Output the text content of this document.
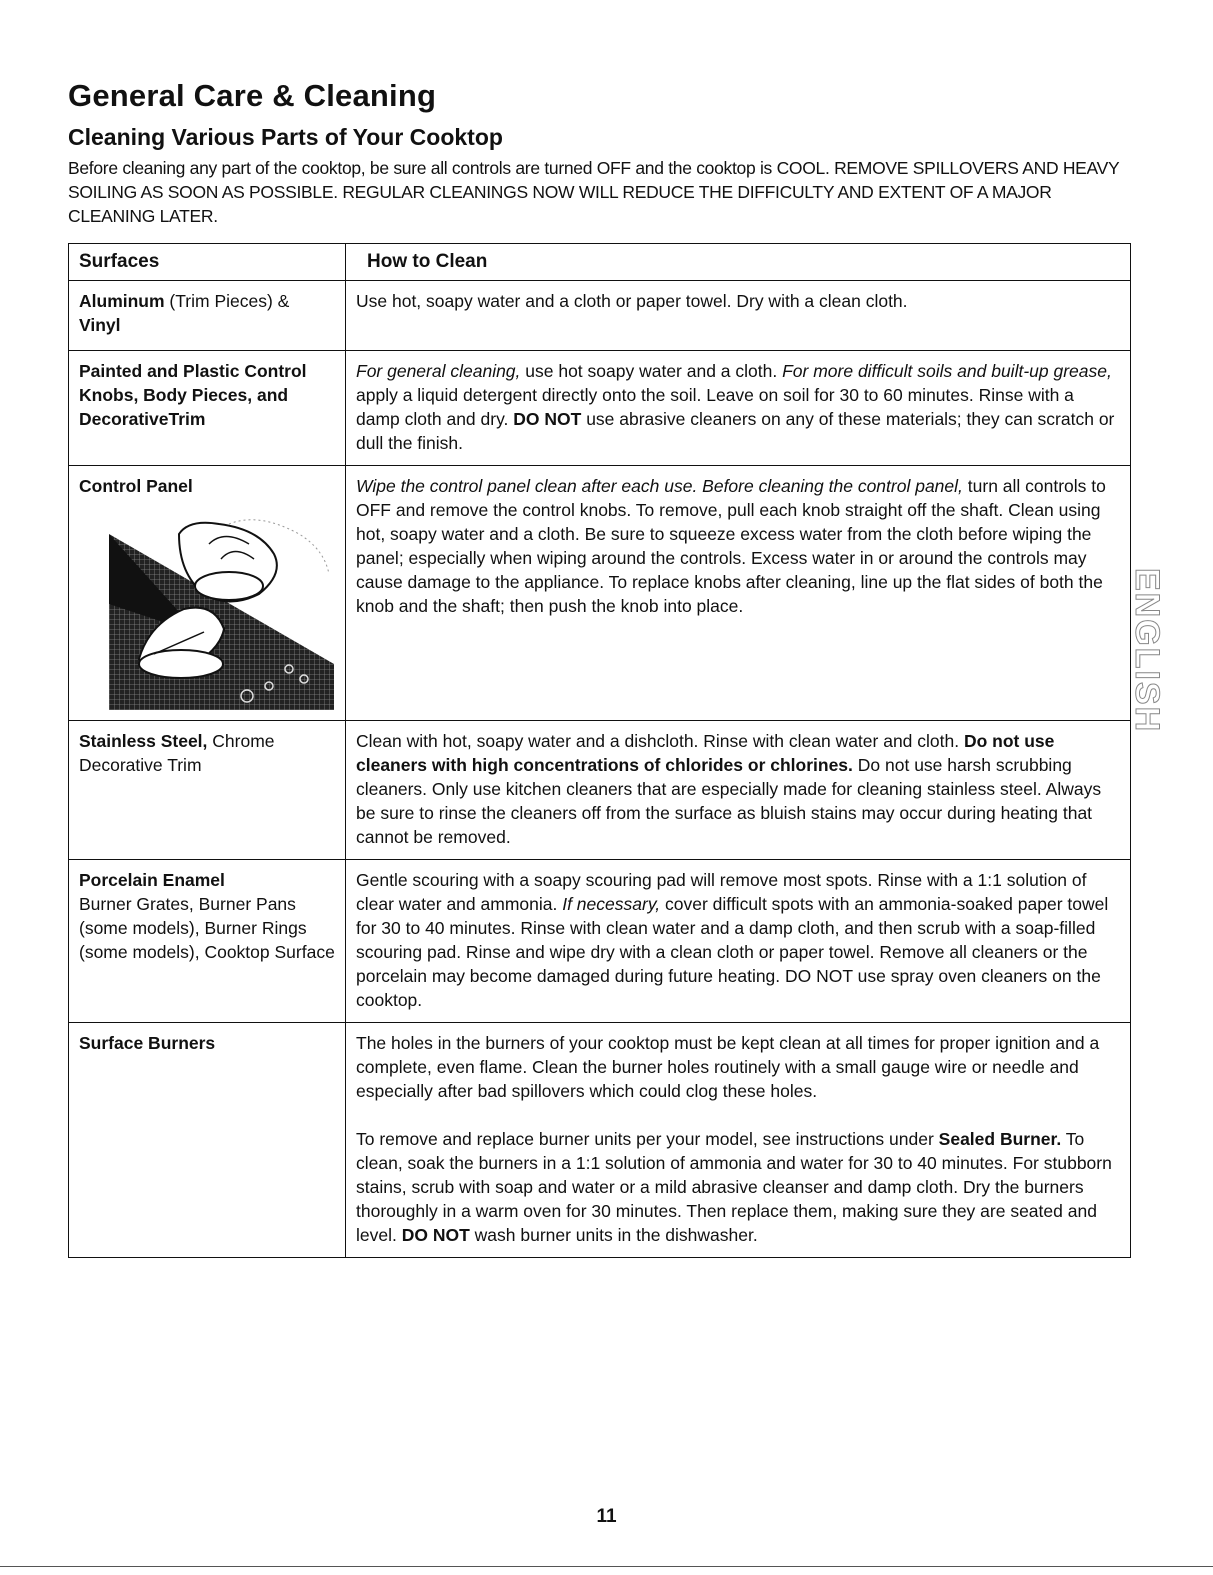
General Care & Cleaning
Cleaning Various Parts of Your Cooktop

Before cleaning any part of the cooktop, be sure all controls are turned OFF and the cooktop is COOL. REMOVE SPILLOVERS AND HEAVY SOILING AS SOON AS POSSIBLE. REGULAR CLEANINGS NOW WILL REDUCE THE DIFFICULTY AND EXTENT OF A MAJOR CLEANING LATER.

Surfaces	How to Clean
Aluminum (Trim Pieces) &
Vinyl	Use hot, soapy water and a cloth or paper towel. Dry with a clean cloth.
Painted and Plastic Control Knobs, Body Pieces, and DecorativeTrim	For general cleaning, use hot soapy water and a cloth. For more difficult soils and built-up grease, apply a liquid detergent directly onto the soil. Leave on soil for 30 to 60 minutes. Rinse with a damp cloth and dry. DO NOT use abrasive cleaners on any of these materials; they can scratch or dull the finish.
Control Panel	Wipe the control panel clean after each use. Before cleaning the control panel, turn all controls to OFF and remove the control knobs. To remove, pull each knob straight off the shaft. Clean using hot, soapy water and a cloth. Be sure to squeeze excess water from the cloth before wiping the panel; especially when wiping around the controls. Excess water in or around the controls may cause damage to the appliance. To replace knobs after cleaning, line up the flat sides of both the knob and the shaft; then push the knob into place.
Stainless Steel, Chrome Decorative Trim	Clean with hot, soapy water and a dishcloth. Rinse with clean water and cloth. Do not use cleaners with high concentrations of chlorides or chlorines. Do not use harsh scrubbing cleaners. Only use kitchen cleaners that are especially made for cleaning stainless steel. Always be sure to rinse the cleaners off from the surface as bluish stains may occur during heating that cannot be removed.
Porcelain Enamel
Burner Grates, Burner Pans (some models), Burner Rings (some models), Cooktop Surface	Gentle scouring with a soapy scouring pad will remove most spots. Rinse with a 1:1 solution of clear water and ammonia. If necessary, cover difficult spots with an ammonia-soaked paper towel for 30 to 40 minutes. Rinse with clean water and a damp cloth, and then scrub with a soap-filled scouring pad. Rinse and wipe dry with a clean cloth or paper towel. Remove all cleaners or the porcelain may become damaged during future heating. DO NOT use spray oven cleaners on the cooktop.
Surface Burners	The holes in the burners of your cooktop must be kept clean at all times for proper ignition and a complete, even flame. Clean the burner holes routinely with a small gauge wire or needle and especially after bad spillovers which could clog these holes.
To remove and replace burner units per your model, see instructions under Sealed Burner. To clean, soak the burners in a 1:1 solution of ammonia and water for 30 to 40 minutes. For stubborn stains, scrub with soap and water or a mild abrasive cleanser and damp cloth. Dry the burners thoroughly in a warm oven for 30 minutes. Then replace them, making sure they are seated and level. DO NOT wash burner units in the dishwasher.
ENGLISH
11
